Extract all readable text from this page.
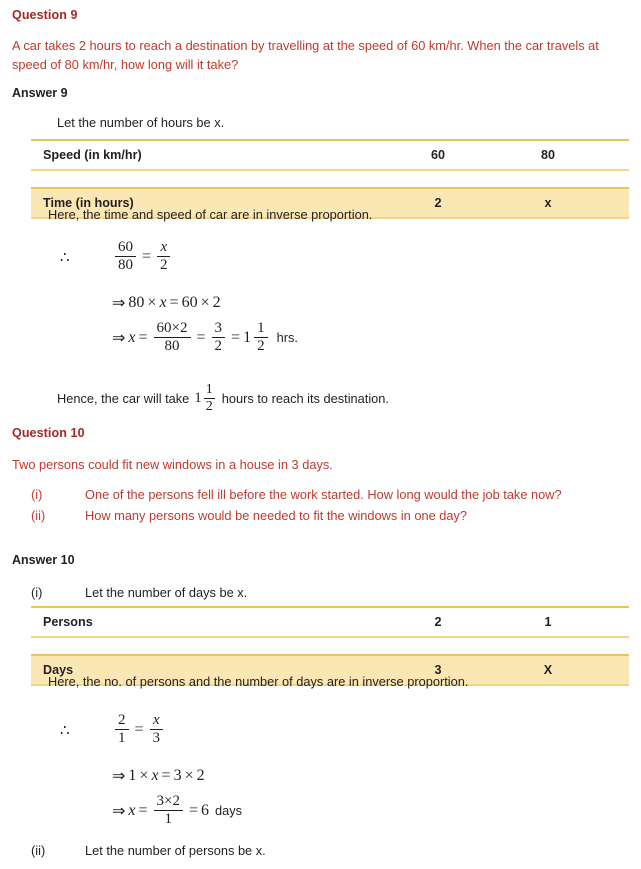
Question 9
A car takes 2 hours to reach a destination by travelling at the speed of 60 km/hr. When the car travels at speed of 80 km/hr, how long will it take?
Answer 9
Let the number of hours be x.
Speed (in km/hr)	60	80	

Time (in hours)	2	x	
Here, the time and speed of car are in inverse proportion.
∴	$\frac{60}{80} = \frac{x}{2}$
⇒ 80 × x = 60 × 2
⇒ $x = \frac{60\times 2}{80} = \frac{3}{2} = 1 \frac{1}{2}$ hrs.
Hence, the car will take $1 \frac{1}{2}$ hours to reach its destination.
Question 10
Two persons could fit new windows in a house in 3 days.
(i)	One of the persons fell ill before the work started. How long would the job take now?
(ii)	How many persons would be needed to fit the windows in one day?
Answer 10
(i)	Let the number of days be x.
Persons	2	1	

Days	3	X	
Here, the no. of persons and the number of days are in inverse proportion.
∴	$\frac{2}{1} = \frac{x}{3}$
⇒ 1 × x = 3 × 2
⇒ $x = \frac{3\times 2}{1} = 6$ days
(ii)	Let the number of persons be x.
